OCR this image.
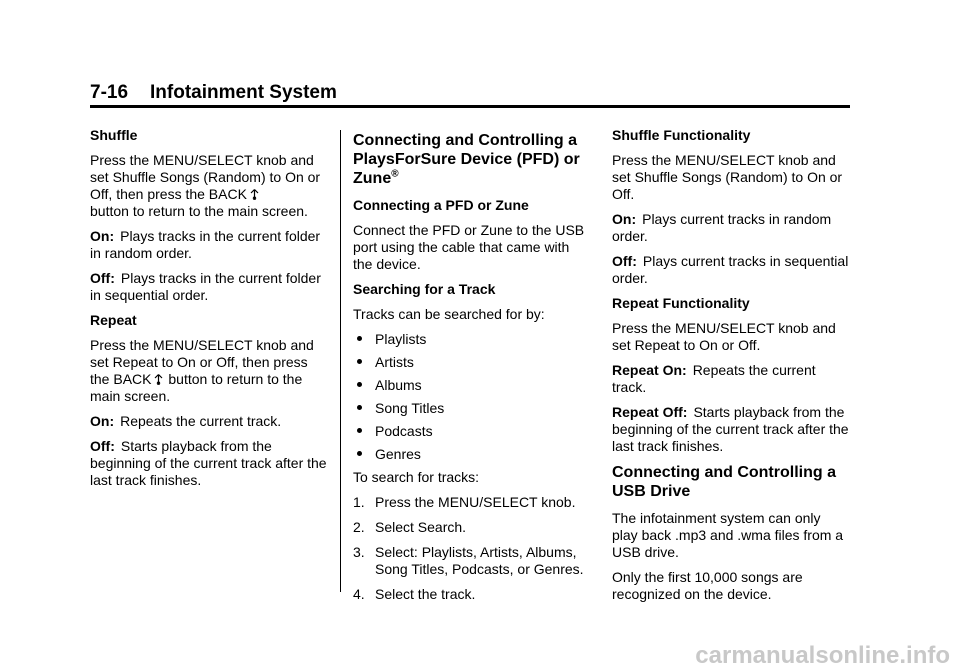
7-16 Infotainment System

Shuffle

Press the MENU/SELECT knob and set Shuffle Songs (Random) to On or Off, then press the BACK
button to return to the main screen.

On: Plays tracks in the current folder in random order.

Off: Plays tracks in the current folder in sequential order.

Repeat

Press the MENU/SELECT knob and set Repeat to On or Off, then press the BACK button to return to the main screen.

On: Repeats the current track.

Off: Starts playback from the beginning of the current track after the last track finishes.

Connecting and Controlling a PlaysForSure Device (PFD) or Zune®

Connecting a PFD or Zune

Connect the PFD or Zune to the USB port using the cable that came with the device.

Searching for a Track

Tracks can be searched for by:

Playlists
Artists
Albums
Song Titles
Podcasts
Genres

To search for tracks:

1. Press the MENU/SELECT knob.
2. Select Search.
3. Select: Playlists, Artists, Albums, Song Titles, Podcasts, or Genres.
4. Select the track.

Shuffle Functionality

Press the MENU/SELECT knob and set Shuffle Songs (Random) to On or Off.

On: Plays current tracks in random order.

Off: Plays current tracks in sequential order.

Repeat Functionality

Press the MENU/SELECT knob and set Repeat to On or Off.

Repeat On: Repeats the current track.

Repeat Off: Starts playback from the beginning of the current track after the last track finishes.

Connecting and Controlling a USB Drive

The infotainment system can only play back .mp3 and .wma files from a USB drive.

Only the first 10,000 songs are recognized on the device.

carmanualsonline.info
